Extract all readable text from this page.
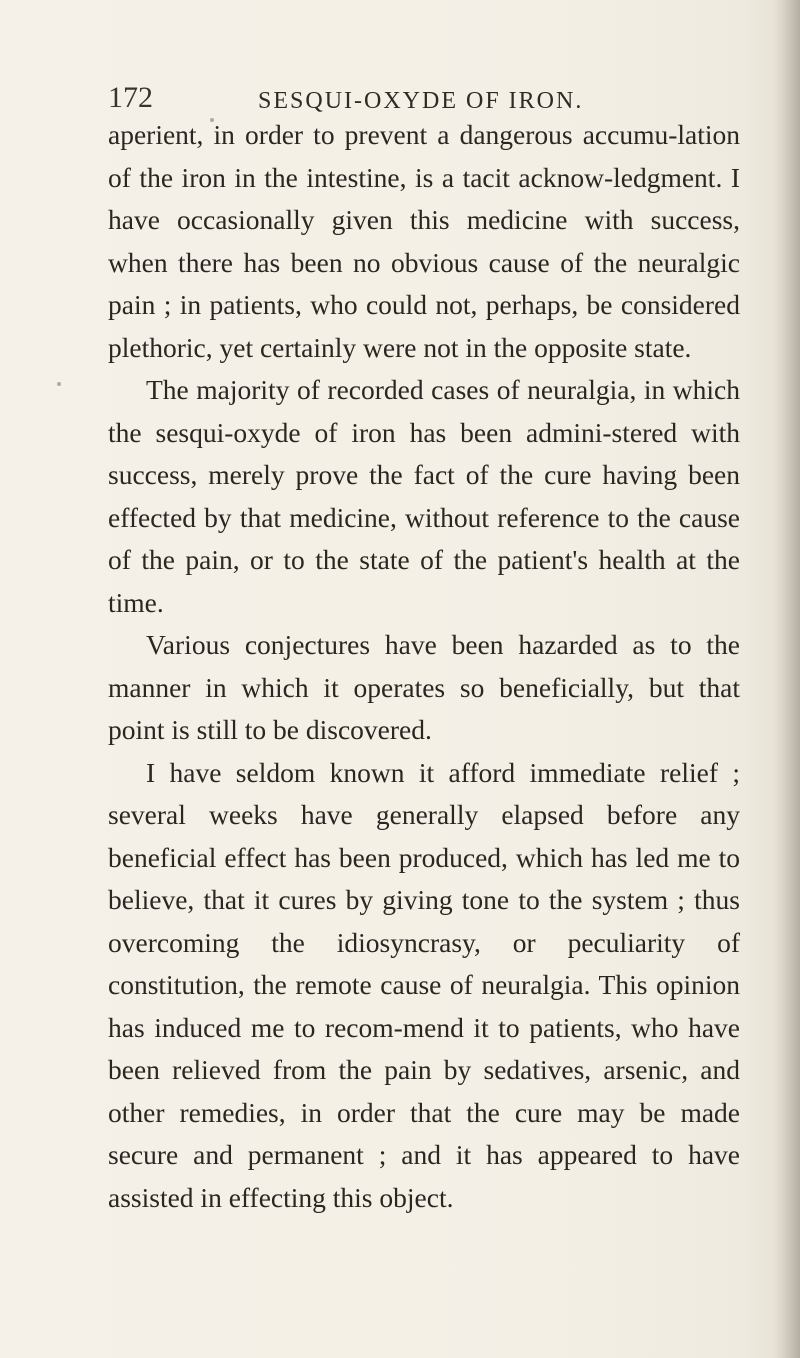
172	SESQUI-OXYDE OF IRON.

aperient, in order to prevent a dangerous accumu-lation of the iron in the intestine, is a tacit acknow-ledgment. I have occasionally given this medicine with success, when there has been no obvious cause of the neuralgic pain ; in patients, who could not, perhaps, be considered plethoric, yet certainly were not in the opposite state.

The majority of recorded cases of neuralgia, in which the sesqui-oxyde of iron has been admini-stered with success, merely prove the fact of the cure having been effected by that medicine, without reference to the cause of the pain, or to the state of the patient's health at the time.

Various conjectures have been hazarded as to the manner in which it operates so beneficially, but that point is still to be discovered.

I have seldom known it afford immediate relief ; several weeks have generally elapsed before any beneficial effect has been produced, which has led me to believe, that it cures by giving tone to the system ; thus overcoming the idiosyncrasy, or peculiarity of constitution, the remote cause of neuralgia. This opinion has induced me to recom-mend it to patients, who have been relieved from the pain by sedatives, arsenic, and other remedies, in order that the cure may be made secure and permanent ; and it has appeared to have assisted in effecting this object.
